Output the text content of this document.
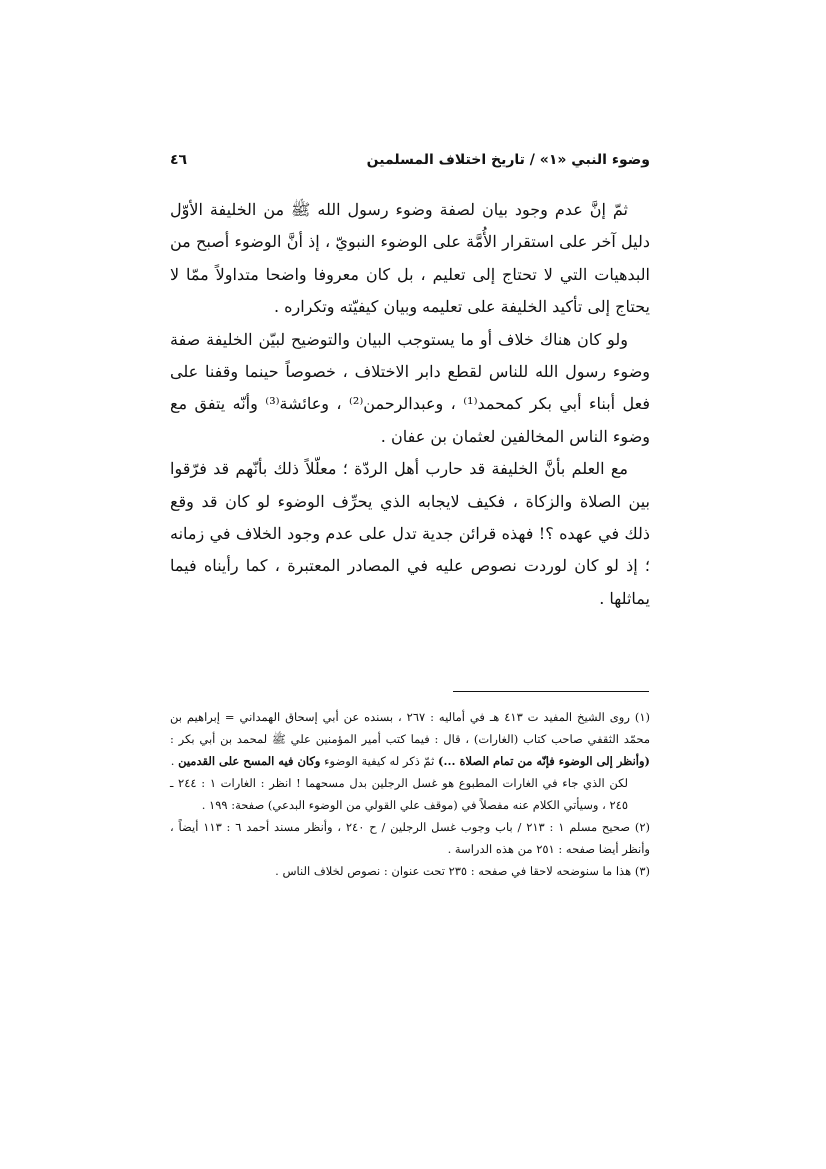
وضوء النبي «١» / تاريخ اختلاف المسلمين
٤٦

ثمّ إنَّ عدم وجود بيان لصفة وضوء رسول الله ﷺ من الخليفة الأوّل دليل آخر على استقرار الأُمَّة على الوضوء النبويّ ، إذ أنَّ الوضوء أصبح من البدهيات التي لا تحتاج إلى تعليم ، بل كان معروفا واضحا متداولاً ممّا لا يحتاج إلى تأكيد الخليفة على تعليمه وبيان كيفيّته وتكراره .

ولو كان هناك خلاف أو ما يستوجب البيان والتوضيح لبيّن الخليفة صفة وضوء رسول الله للناس لقطع دابر الاختلاف ، خصوصاً حينما وقفنا على فعل أبناء أبي بكر كمحمد⁽¹⁾ ، وعبدالرحمن⁽²⁾ ، وعائشة⁽³⁾ وأنّه يتفق مع وضوء الناس المخالفين لعثمان بن عفان .

مع العلم بأنَّ الخليفة قد حارب أهل الردّة ؛ معلّلاً ذلك بأنّهم قد فرّقوا بين الصلاة والزكاة ، فكيف لايجابه الذي يحرِّف الوضوء لو كان قد وقع ذلك في عهده ؟! فهذه قرائن جدية تدل على عدم وجود الخلاف في زمانه ؛ إذ لو كان لوردت نصوص عليه في المصادر المعتبرة ، كما رأيناه فيما يماثلها .

(١) روى الشيخ المفيد ت ٤١٣ هـ في أماليه : ٢٦٧ ، بسنده عن أبي إسحاق الهمداني = إبراهيم بن محمّد الثقفي صاحب كتاب (الغارات) ، قال : فيما كتب أمير المؤمنين علي ﷺ لمحمد بن أبي بكر : (وأنظر إلى الوضوء فإنّه من تمام الصلاة ...) ثمّ ذكر له كيفية الوضوء وكان فيه المسح على القدمين .

لكن الذي جاء في الغارات المطبوع هو غسل الرجلين بدل مسحهما ! انظر : الغارات ١ : ٢٤٤ ـ ٢٤٥ ، وسيأتي الكلام عنه مفصلاً في (موقف علي القولي من الوضوء البدعي) صفحة: ١٩٩ .

(٢) صحيح مسلم ١ : ٢١٣ / باب وجوب غسل الرجلين / ح ٢٤٠ ، وأنظر مسند أحمد ٦ : ١١٣ أيضاً ، وأنظر أيضا صفحه : ٢٥١ من هذه الدراسة .

(٣) هذا ما سنوضحه لاحقا في صفحه : ٢٣٥ تحت عنوان : نصوص لخلاف الناس .
